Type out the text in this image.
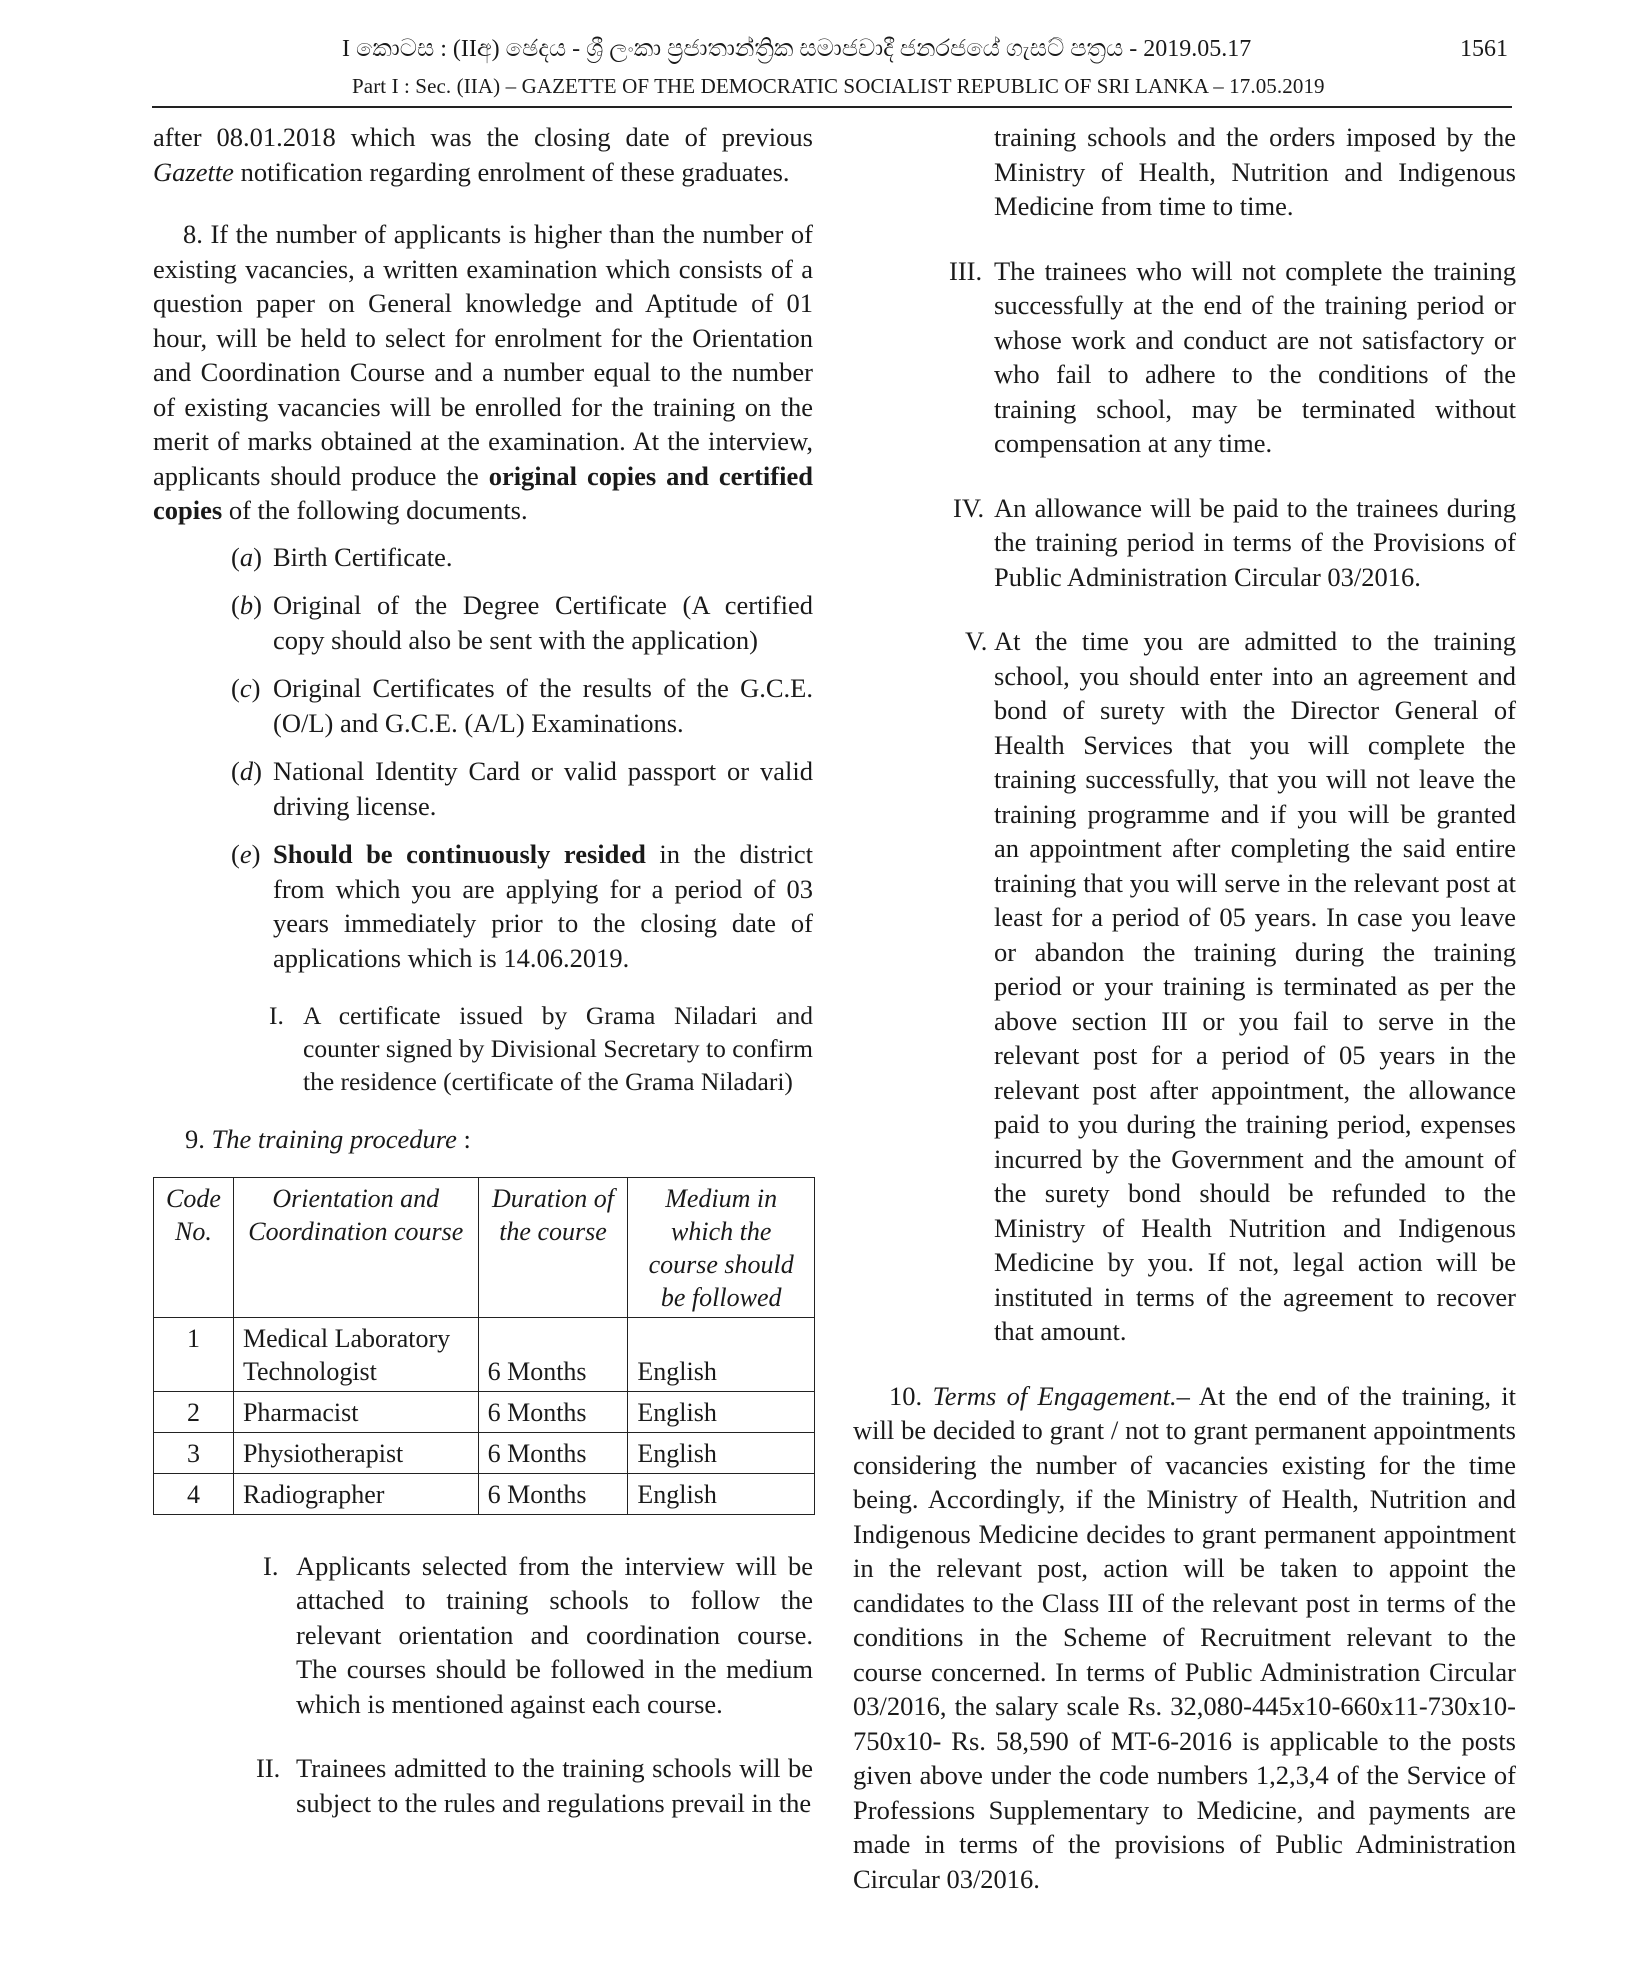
I කොටස : (IIඅ) ඡෙදය - ශ්‍රී ලංකා ප්‍රජාතාන්ත්‍රික සමාජවාදී ජනරජයේ ගැසට් පත්‍රය - 2019.05.17	1561
Part I : Sec. (IIA) – GAZETTE OF THE DEMOCRATIC SOCIALIST REPUBLIC OF SRI LANKA – 17.05.2019

after 08.01.2018 which was the closing date of previous Gazette notification regarding enrolment of these graduates.

8. If the number of applicants is higher than the number of existing vacancies, a written examination which consists of a question paper on General knowledge and Aptitude of 01 hour, will be held to select for enrolment for the Orientation and Coordination Course and a number equal to the number of existing vacancies will be enrolled for the training on the merit of marks obtained at the examination. At the interview, applicants should produce the original copies and certified copies of the following documents.

(a) Birth Certificate.
(b) Original of the Degree Certificate (A certified copy should also be sent with the application)
(c) Original Certificates of the results of the G.C.E. (O/L) and G.C.E. (A/L) Examinations.
(d) National Identity Card or valid passport or valid driving license.
(e) Should be continuously resided in the district from which you are applying for a period of 03 years immediately prior to the closing date of applications which is 14.06.2019.
I. A certificate issued by Grama Niladari and counter signed by Divisional Secretary to confirm the residence (certificate of the Grama Niladari)

9. The training procedure :

Code No.	Orientation and Coordination course	Duration of the course	Medium in which the course should be followed
1	Medical Laboratory Technologist	6 Months	English
2	Pharmacist	6 Months	English
3	Physiotherapist	6 Months	English
4	Radiographer	6 Months	English
I. Applicants selected from the interview will be attached to training schools to follow the relevant orientation and coordination course. The courses should be followed in the medium which is mentioned against each course.
II. Trainees admitted to the training schools will be subject to the rules and regulations prevail in the

training schools and the orders imposed by the Ministry of Health, Nutrition and Indigenous Medicine from time to time.

III. The trainees who will not complete the training successfully at the end of the training period or whose work and conduct are not satisfactory or who fail to adhere to the conditions of the training school, may be terminated without compensation at any time.
IV. An allowance will be paid to the trainees during the training period in terms of the Provisions of Public Administration Circular 03/2016.
V. At the time you are admitted to the training school, you should enter into an agreement and bond of surety with the Director General of Health Services that you will complete the training successfully, that you will not leave the training programme and if you will be granted an appointment after completing the said entire training that you will serve in the relevant post at least for a period of 05 years. In case you leave or abandon the training during the training period or your training is terminated as per the above section III or you fail to serve in the relevant post for a period of 05 years in the relevant post after appointment, the allowance paid to you during the training period, expenses incurred by the Government and the amount of the surety bond should be refunded to the Ministry of Health Nutrition and Indigenous Medicine by you. If not, legal action will be instituted in terms of the agreement to recover that amount.

10. Terms of Engagement.– At the end of the training, it will be decided to grant / not to grant permanent appointments considering the number of vacancies existing for the time being. Accordingly, if the Ministry of Health, Nutrition and Indigenous Medicine decides to grant permanent appointment in the relevant post, action will be taken to appoint the candidates to the Class III of the relevant post in terms of the conditions in the Scheme of Recruitment relevant to the course concerned. In terms of Public Administration Circular 03/2016, the salary scale Rs. 32,080-445x10-660x11-730x10-750x10- Rs. 58,590 of MT-6-2016 is applicable to the posts given above under the code numbers 1,2,3,4 of the Service of Professions Supplementary to Medicine, and payments are made in terms of the provisions of Public Administration Circular 03/2016.
